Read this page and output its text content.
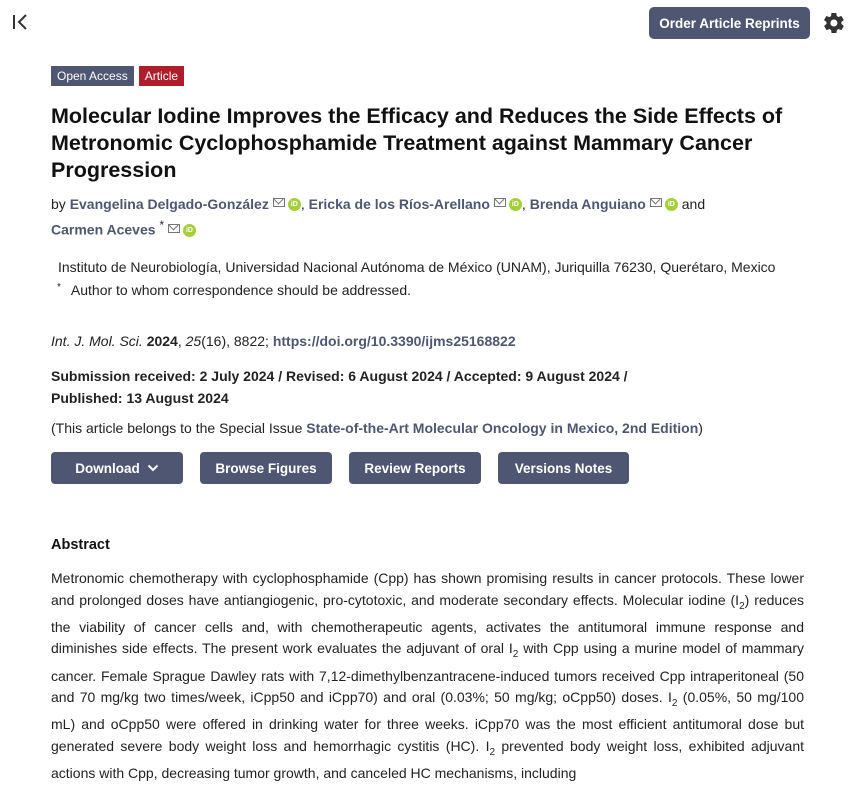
Order Article Reprints
Open Access	Article
Molecular Iodine Improves the Efficacy and Reduces the Side Effects of Metronomic Cyclophosphamide Treatment against Mammary Cancer Progression
by Evangelina Delgado-González	iD , Ericka de los Ríos-Arellano	iD , Brenda Anguiano	iD and
Carmen Aceves *	iD
Instituto de Neurobiología, Universidad Nacional Autónoma de México (UNAM), Juriquilla 76230, Querétaro, Mexico
* Author to whom correspondence should be addressed.
Int. J. Mol. Sci. 2024, 25(16), 8822; https://doi.org/10.3390/ijms25168822
Submission received: 2 July 2024 / Revised: 6 August 2024 / Accepted: 9 August 2024 / Published: 13 August 2024
(This article belongs to the Special Issue State-of-the-Art Molecular Oncology in Mexico, 2nd Edition)
Download	Browse Figures	Review Reports	Versions Notes
Abstract

Metronomic chemotherapy with cyclophosphamide (Cpp) has shown promising results in cancer protocols. These lower and prolonged doses have antiangiogenic, pro-cytotoxic, and moderate secondary effects. Molecular iodine $(I_2)$ reduces the viability of cancer cells and, with chemotherapeutic agents, activates the antitumoral immune response and diminishes side effects. The present work evaluates the adjuvant of oral $I_2$ with Cpp using a murine model of mammary cancer. Female Sprague Dawley rats with 7,12-dimethylbenzantracene-induced tumors received Cpp intraperitoneal (50 and 70 mg/kg two times/week, iCpp50 and iCpp70) and oral (0.03%; 50 mg/kg; oCpp50) doses. $I_2$ (0.05%, 50 mg/100 mL) and oCpp50 were offered in drinking water for three weeks. iCpp70 was the most efficient antitumoral dose but generated severe body weight loss and hemorrhagic cystitis (HC). $I_2$ prevented body weight loss, exhibited adjuvant actions with Cpp, decreasing tumor growth, and canceled HC mechanisms, including
